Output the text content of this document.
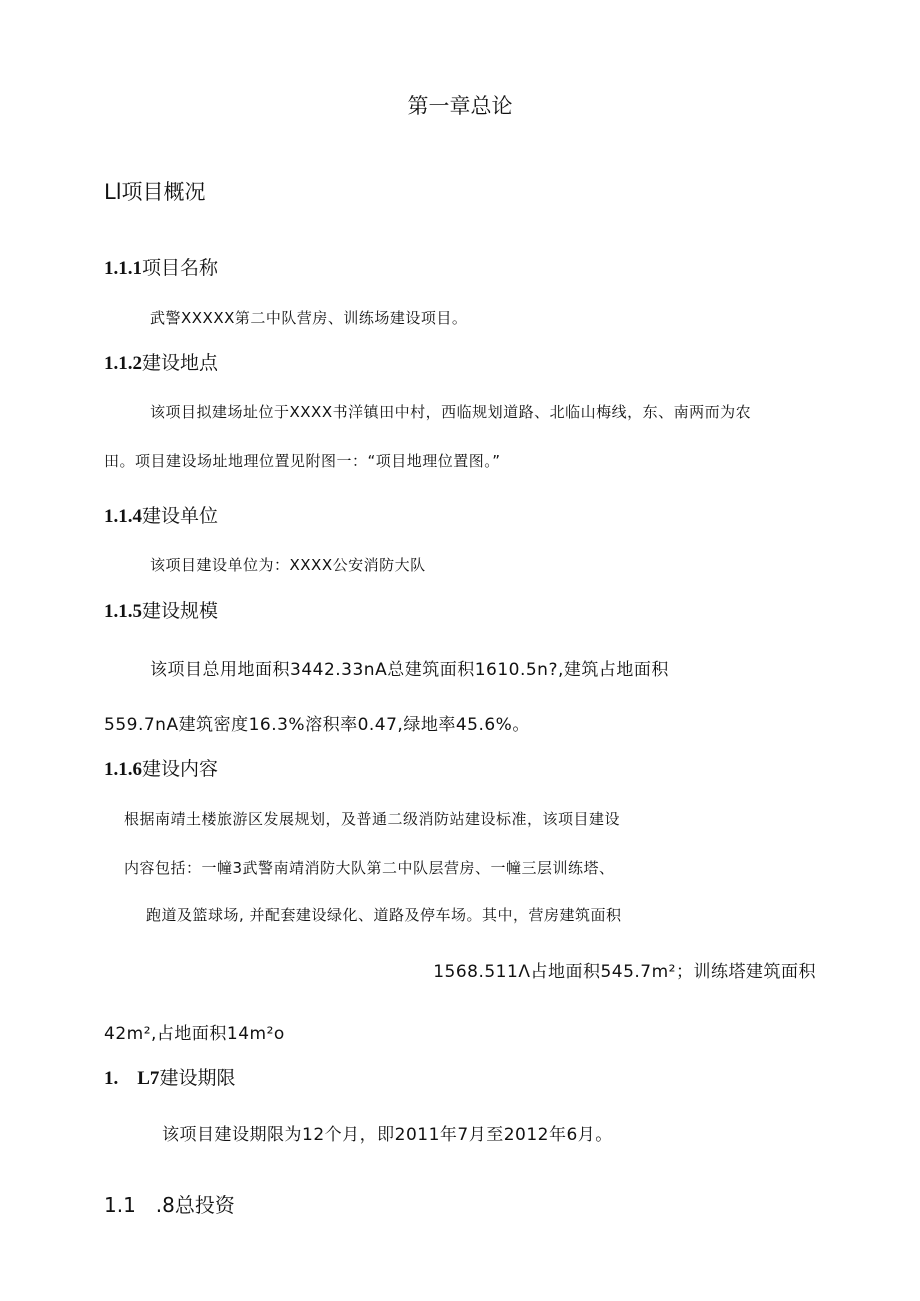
第一章总论
Ll项目概况
1.1.1项目名称
武警XXXXX第二中队营房、训练场建设项目。
1.1.2建设地点
该项目拟建场址位于XXXX书洋镇田中村，西临规划道路、北临山梅线，东、南两而为农
田。项目建设场址地理位置见附图一：“项目地理位置图。”
1.1.4建设单位
该项目建设单位为：XXXX公安消防大队
1.1.5建设规模
该项目总用地面积3442.33nA总建筑面积1610.5n?,建筑占地面积
559.7nA建筑密度16.3%溶积率0.47,绿地率45.6%。
1.1.6建设内容
根据南靖土楼旅游区发展规划，及普通二级消防站建设标准，该项目建设
内容包括：一幢3武警南靖消防大队第二中队层营房、一幢三层训练塔、
跑道及篮球场, 并配套建设绿化、道路及停车场。其中，营房建筑面积
1568.511Λ占地面积545.7m²；训练塔建筑面积
42m²,占地面积14m²o
1.　L7建设期限
该项目建设期限为12个月，即2011年7月至2012年6月。
1.1　.8总投资
